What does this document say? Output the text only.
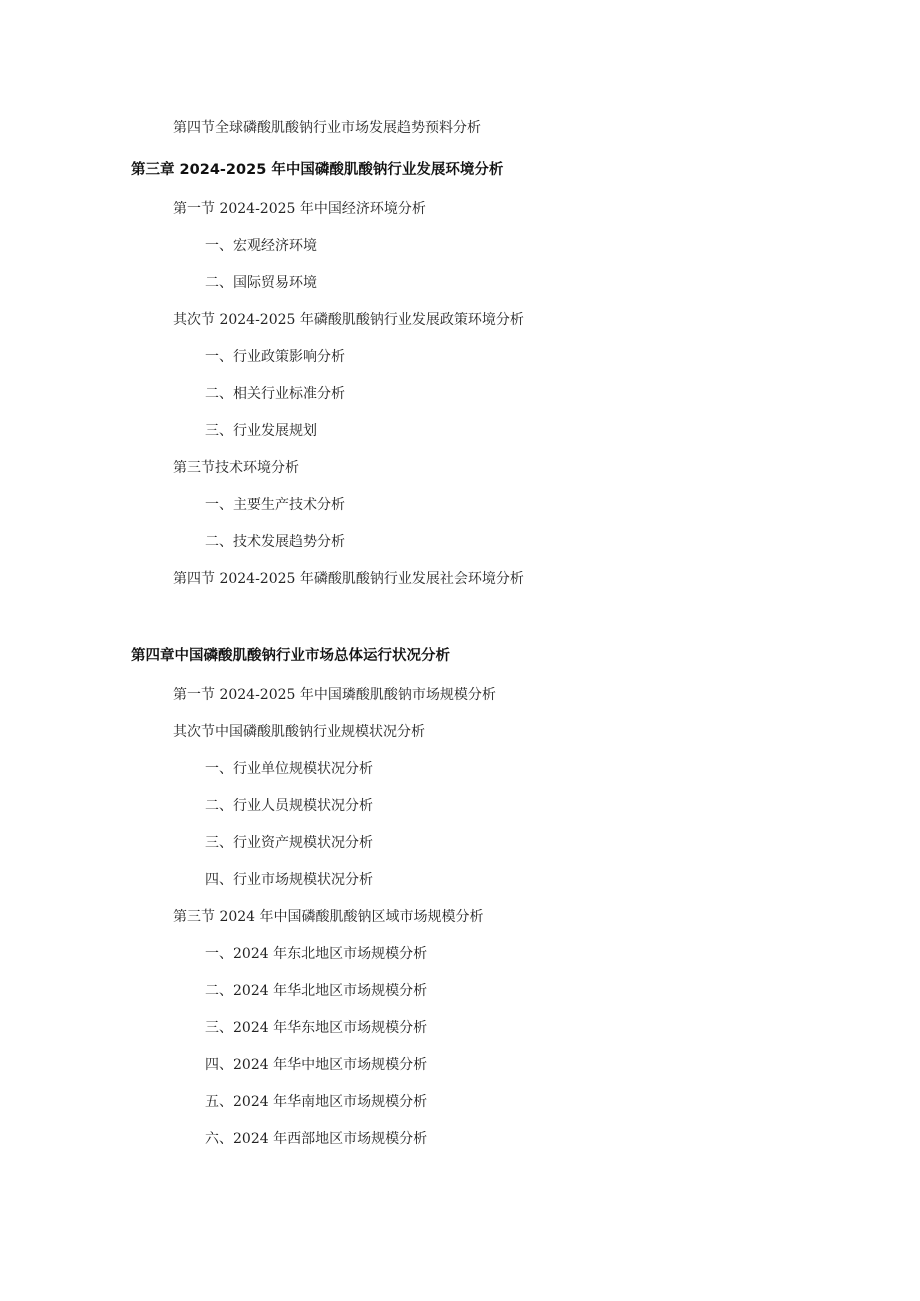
第四节全球磷酸肌酸钠行业市场发展趋势预料分析
第三章 2024-2025 年中国磷酸肌酸钠行业发展环境分析
第一节 2024-2025 年中国经济环境分析
一、宏观经济环境
二、国际贸易环境
其次节 2024-2025 年磷酸肌酸钠行业发展政策环境分析
一、行业政策影响分析
二、相关行业标准分析
三、行业发展规划
第三节技术环境分析
一、主要生产技术分析
二、技术发展趋势分析
第四节 2024-2025 年磷酸肌酸钠行业发展社会环境分析
第四章中国磷酸肌酸钠行业市场总体运行状况分析
第一节 2024-2025 年中国璘酸肌酸钠市场规模分析
其次节中国磷酸肌酸钠行业规模状况分析
一、行业单位规模状况分析
二、行业人员规模状况分析
三、行业资产规模状况分析
四、行业市场规模状况分析
第三节 2024 年中国磷酸肌酸钠区域市场规模分析
一、2024 年东北地区市场规模分析
二、2024 年华北地区市场规模分析
三、2024 年华东地区市场规模分析
四、2024 年华中地区市场规模分析
五、2024 年华南地区市场规模分析
六、2024 年西部地区市场规模分析
